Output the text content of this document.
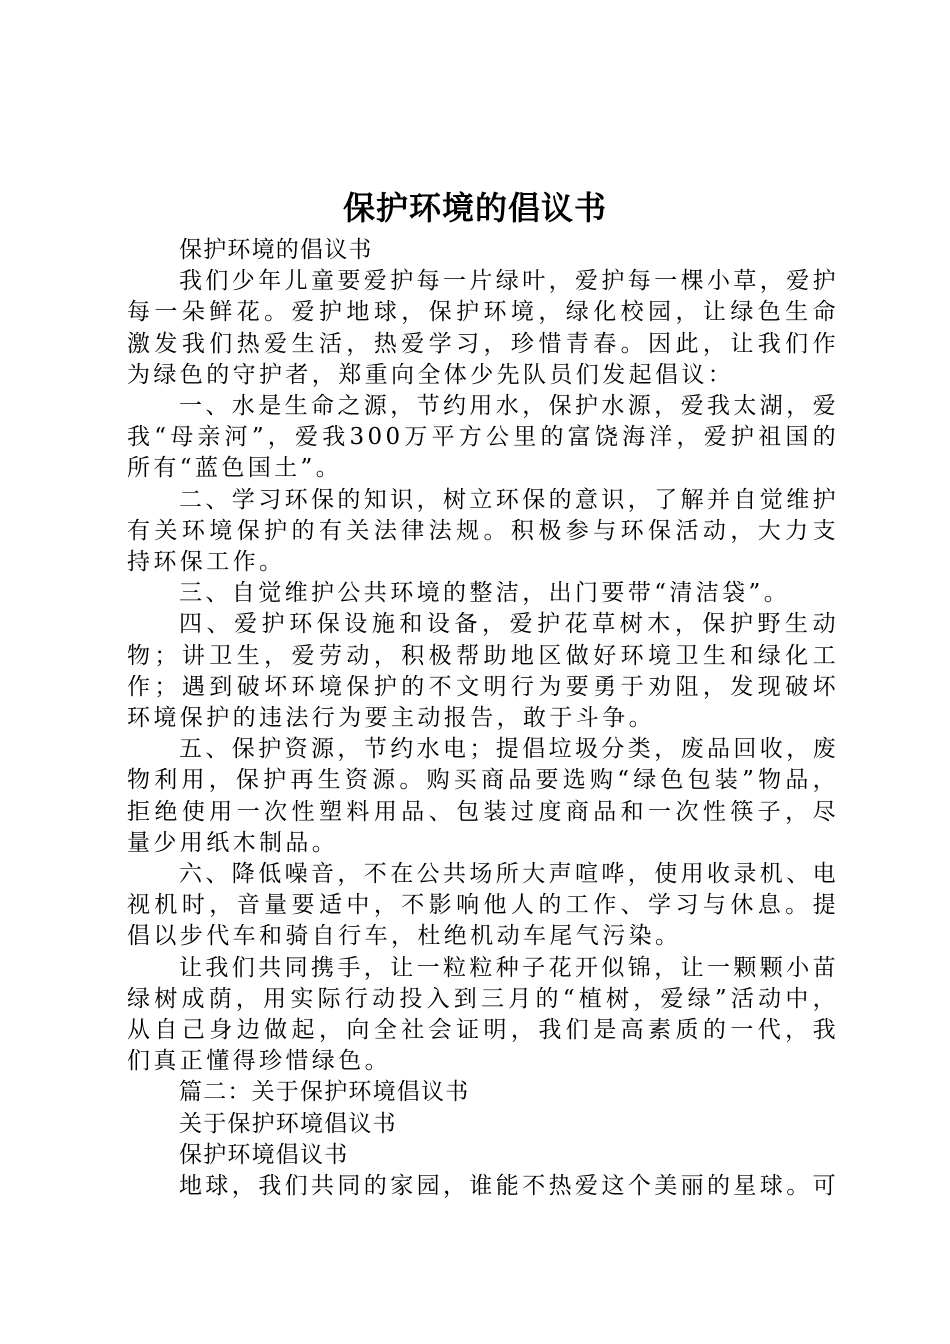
保护环境的倡议书

保护环境的倡议书

我们少年儿童要爱护每一片绿叶，爱护每一棵小草，爱护每一朵鲜花。爱护地球，保护环境，绿化校园，让绿色生命激发我们热爱生活，热爱学习，珍惜青春。因此，让我们作为绿色的守护者，郑重向全体少先队员们发起倡议：

一、水是生命之源，节约用水，保护水源，爱我太湖，爱我“母亲河”，爱我300万平方公里的富饶海洋，爱护祖国的所有“蓝色国土”。

二、学习环保的知识，树立环保的意识，了解并自觉维护有关环境保护的有关法律法规。积极参与环保活动，大力支持环保工作。

三、自觉维护公共环境的整洁，出门要带“清洁袋”。

四、爱护环保设施和设备，爱护花草树木，保护野生动物；讲卫生，爱劳动，积极帮助地区做好环境卫生和绿化工作；遇到破坏环境保护的不文明行为要勇于劝阻，发现破坏环境保护的违法行为要主动报告，敢于斗争。

五、保护资源，节约水电；提倡垃圾分类，废品回收，废物利用，保护再生资源。购买商品要选购“绿色包装”物品，拒绝使用一次性塑料用品、包装过度商品和一次性筷子，尽量少用纸木制品。

六、降低噪音，不在公共场所大声喧哗，使用收录机、电视机时，音量要适中，不影响他人的工作、学习与休息。提倡以步代车和骑自行车，杜绝机动车尾气污染。

让我们共同携手，让一粒粒种子花开似锦，让一颗颗小苗绿树成荫，用实际行动投入到三月的“植树，爱绿”活动中，从自己身边做起，向全社会证明，我们是高素质的一代，我们真正懂得珍惜绿色。

篇二：关于保护环境倡议书

关于保护环境倡议书

保护环境倡议书

地球，我们共同的家园，谁能不热爱这个美丽的星球。可
